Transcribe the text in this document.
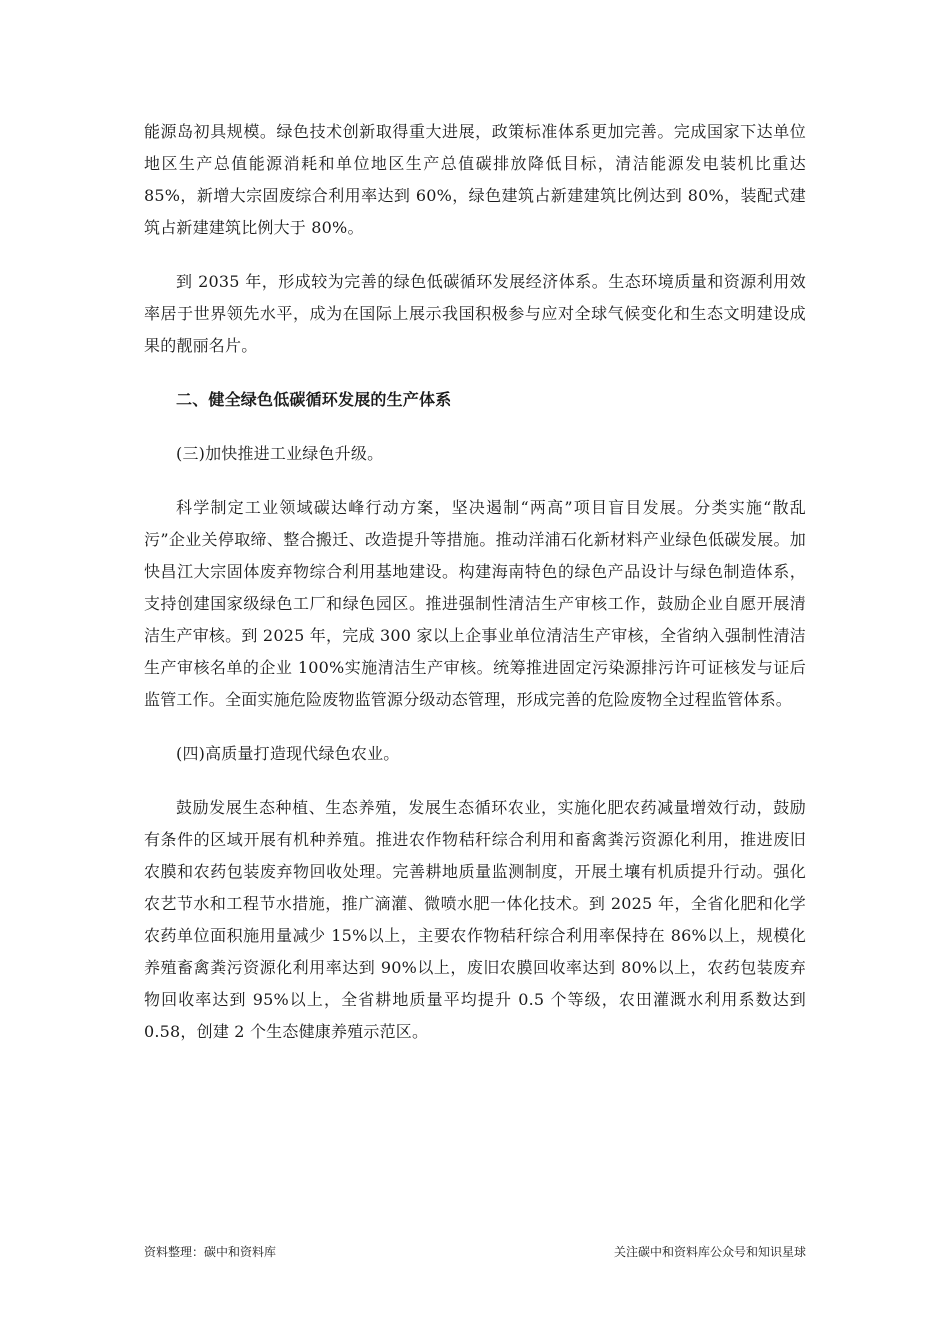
能源岛初具规模。绿色技术创新取得重大进展，政策标准体系更加完善。完成国家下达单位地区生产总值能源消耗和单位地区生产总值碳排放降低目标，清洁能源发电装机比重达 85%，新增大宗固废综合利用率达到 60%，绿色建筑占新建建筑比例达到 80%，装配式建筑占新建建筑比例大于 80%。

到 2035 年，形成较为完善的绿色低碳循环发展经济体系。生态环境质量和资源利用效率居于世界领先水平，成为在国际上展示我国积极参与应对全球气候变化和生态文明建设成果的靓丽名片。

二、健全绿色低碳循环发展的生产体系

(三)加快推进工业绿色升级。

科学制定工业领域碳达峰行动方案，坚决遏制“两高”项目盲目发展。分类实施“散乱污”企业关停取缔、整合搬迁、改造提升等措施。推动洋浦石化新材料产业绿色低碳发展。加快昌江大宗固体废弃物综合利用基地建设。构建海南特色的绿色产品设计与绿色制造体系，支持创建国家级绿色工厂和绿色园区。推进强制性清洁生产审核工作，鼓励企业自愿开展清洁生产审核。到 2025 年，完成 300 家以上企事业单位清洁生产审核，全省纳入强制性清洁生产审核名单的企业 100%实施清洁生产审核。统筹推进固定污染源排污许可证核发与证后监管工作。全面实施危险废物监管源分级动态管理，形成完善的危险废物全过程监管体系。

(四)高质量打造现代绿色农业。

鼓励发展生态种植、生态养殖，发展生态循环农业，实施化肥农药减量增效行动，鼓励有条件的区域开展有机种养殖。推进农作物秸秆综合利用和畜禽粪污资源化利用，推进废旧农膜和农药包装废弃物回收处理。完善耕地质量监测制度，开展土壤有机质提升行动。强化农艺节水和工程节水措施，推广滴灌、微喷水肥一体化技术。到 2025 年，全省化肥和化学农药单位面积施用量减少 15%以上，主要农作物秸秆综合利用率保持在 86%以上，规模化养殖畜禽粪污资源化利用率达到 90%以上，废旧农膜回收率达到 80%以上，农药包装废弃物回收率达到 95%以上，全省耕地质量平均提升 0.5 个等级，农田灌溉水利用系数达到 0.58，创建 2 个生态健康养殖示范区。

资料整理：碳中和资料库	关注碳中和资料库公众号和知识星球
